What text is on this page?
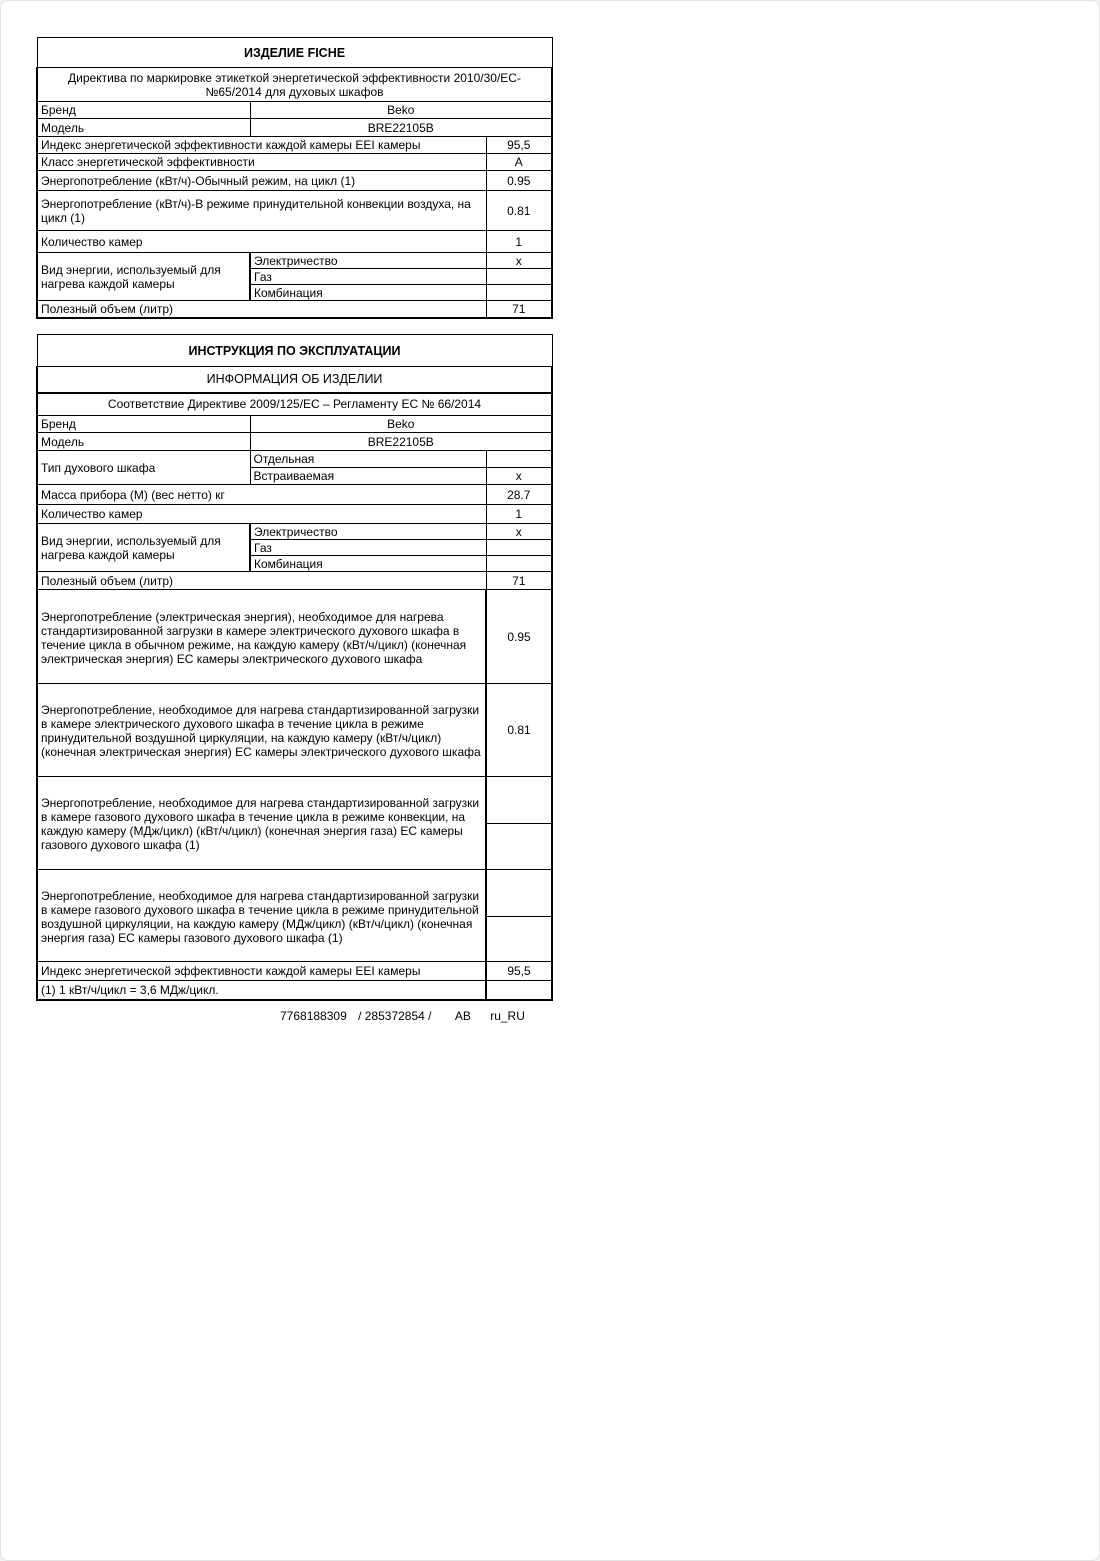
ИЗДЕЛИЕ FICHE		
Директива по маркировке этикеткой энергетической эффективности 2010/30/EC-№65/2014 для духовых шкафов		
Бренд	Beko	
Модель	BRE22105B	
Индекс энергетической эффективности каждой камеры EEI камеры		95,5
Класс энергетической эффективности		A
Энергопотребление (кВт/ч)-Обычный режим, на цикл (1)		0.95
Энергопотребление (кВт/ч)-В режиме принудительной конвекции воздуха, на цикл (1)		0.81
Количество камер		1
Вид энергии, используемый для нагрева каждой камеры	Электричество	x
	Газ	
	Комбинация	
Полезный объем (литр)		71
ИНСТРУКЦИЯ ПО ЭКСПЛУАТАЦИИ		
ИНФОРМАЦИЯ ОБ ИЗДЕЛИИ		
Соответствие Директиве 2009/125/EC – Регламенту ЕС № 66/2014		
Бренд	Beko	
Модель	BRE22105B	
Тип духового шкафа	Отдельная	
	Встраиваемая	x
Масса прибора (M) (вес нетто) кг		28.7
Количество камер		1
Вид энергии, используемый для нагрева каждой камеры	Электричество	x
	Газ	
	Комбинация	
Полезный объем (литр)		71
Энергопотребление (электрическая энергия), необходимое для нагрева стандартизированной загрузки в камере электрического духового шкафа в течение цикла в обычном режиме, на каждую камеру (кВт/ч/цикл) (конечная электрическая энергия) EC камеры электрического духового шкафа		0.95
Энергопотребление, необходимое для нагрева стандартизированной загрузки в камере электрического духового шкафа в течение цикла в режиме принудительной воздушной циркуляции, на каждую камеру (кВт/ч/цикл) (конечная электрическая энергия) EC камеры электрического духового шкафа		0.81
Энергопотребление, необходимое для нагрева стандартизированной загрузки в камере газового духового шкафа в течение цикла в режиме конвекции, на каждую камеру (МДж/цикл) (кВт/ч/цикл) (конечная энергия газа) EC камеры газового духового шкафа (1)		

Энергопотребление, необходимое для нагрева стандартизированной загрузки в камере газового духового шкафа в течение цикла в режиме принудительной воздушной циркуляции, на каждую камеру (МДж/цикл) (кВт/ч/цикл) (конечная энергия газа) EC камеры газового духового шкафа (1)		

Индекс энергетической эффективности каждой камеры EEI камеры		95,5
(1) 1 кВт/ч/цикл = 3,6 МДж/цикл.		
7768188309 / 285372854 / AB ru_RU
